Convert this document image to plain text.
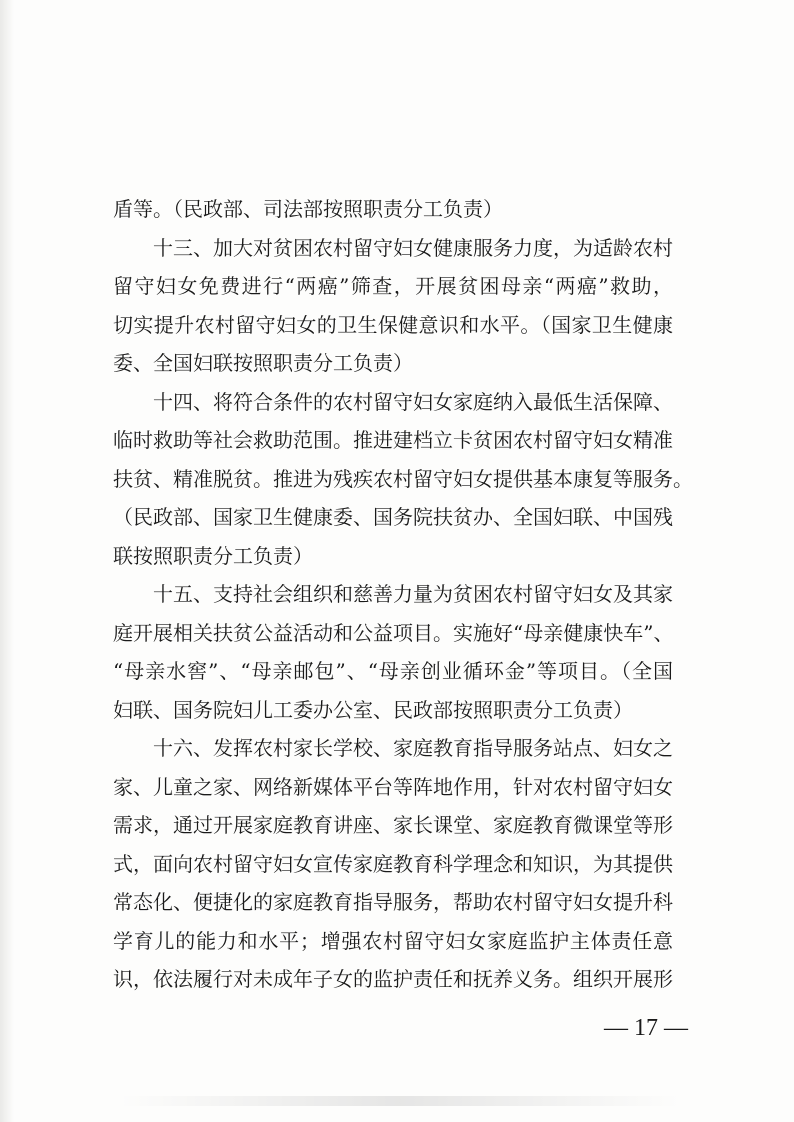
盾等。（民政部、司法部按照职责分工负责）
十三、加大对贫困农村留守妇女健康服务力度，为适龄农村
留守妇女免费进行“两癌”筛查，开展贫困母亲“两癌”救助，
切实提升农村留守妇女的卫生保健意识和水平。（国家卫生健康
委、全国妇联按照职责分工负责）
十四、将符合条件的农村留守妇女家庭纳入最低生活保障、
临时救助等社会救助范围。推进建档立卡贫困农村留守妇女精准
扶贫、精准脱贫。推进为残疾农村留守妇女提供基本康复等服务。
（民政部、国家卫生健康委、国务院扶贫办、全国妇联、中国残
联按照职责分工负责）
十五、支持社会组织和慈善力量为贫困农村留守妇女及其家
庭开展相关扶贫公益活动和公益项目。实施好“母亲健康快车”、
“母亲水窖”、“母亲邮包”、“母亲创业循环金”等项目。（全国
妇联、国务院妇儿工委办公室、民政部按照职责分工负责）
十六、发挥农村家长学校、家庭教育指导服务站点、妇女之
家、儿童之家、网络新媒体平台等阵地作用，针对农村留守妇女
需求，通过开展家庭教育讲座、家长课堂、家庭教育微课堂等形
式，面向农村留守妇女宣传家庭教育科学理念和知识，为其提供
常态化、便捷化的家庭教育指导服务，帮助农村留守妇女提升科
学育儿的能力和水平；增强农村留守妇女家庭监护主体责任意
识，依法履行对未成年子女的监护责任和抚养义务。组织开展形
— 17 —
